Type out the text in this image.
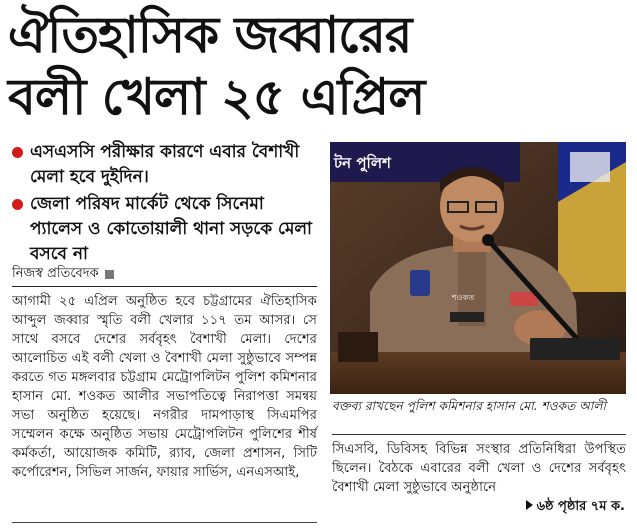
ঐতিহাসিক জব্বারের
বলী খেলা ২৫ এপ্রিল
এসএসসি পরীক্ষার কারণে এবার বৈশাখী মেলা হবে দুইদিন।
জেলা পরিষদ মার্কেট থেকে সিনেমা প্যালেস ও কোতোয়ালী থানা সড়কে মেলা বসবে না
নিজস্ব প্রতিবেদক
আগামী ২৫ এপ্রিল অনুষ্ঠিত হবে চট্টগ্রামের ঐতিহাসিক আব্দুল জব্বার স্মৃতি বলী খেলার ১১৭ তম আসর। সে সাথে বসবে দেশের সর্ববৃহৎ বৈশাখী মেলা। দেশের আলোচিত এই বলী খেলা ও বৈশাখী মেলা সুষ্ঠুভাবে সম্পন্ন করতে গত মঙ্গলবার চট্টগ্রাম মেট্রোপলিটন পুলিশ কমিশনার হাসান মো. শওকত আলীর সভাপতিত্বে নিরাপত্তা সমন্বয় সভা অনুষ্ঠিত হয়েছে। নগরীর দামপাড়াস্থ সিএমপির সম্মেলন কক্ষে অনুষ্ঠিত সভায় মেট্রোপলিটন পুলিশের শীর্ষ কর্মকর্তা, আয়োজক কমিটি, র‌্যাব, জেলা প্রশাসন, সিটি কর্পোরেশন, সিভিল সার্জন, ফায়ার সার্ভিস, এনএসআই,
টন পুলিশ
শওকত
বক্তব্য রাখছেন পুলিশ কমিশনার হাসান মো. শওকত আলী
সিএসবি, ডিবিসহ বিভিন্ন সংস্থার প্রতিনিধিরা উপস্থিত ছিলেন। বৈঠকে এবারের বলী খেলা ও দেশের সর্ববৃহৎ বৈশাখী মেলা সুষ্ঠুভাবে অনুষ্ঠানে
৬ষ্ঠ পৃষ্ঠার ৭ম ক.
